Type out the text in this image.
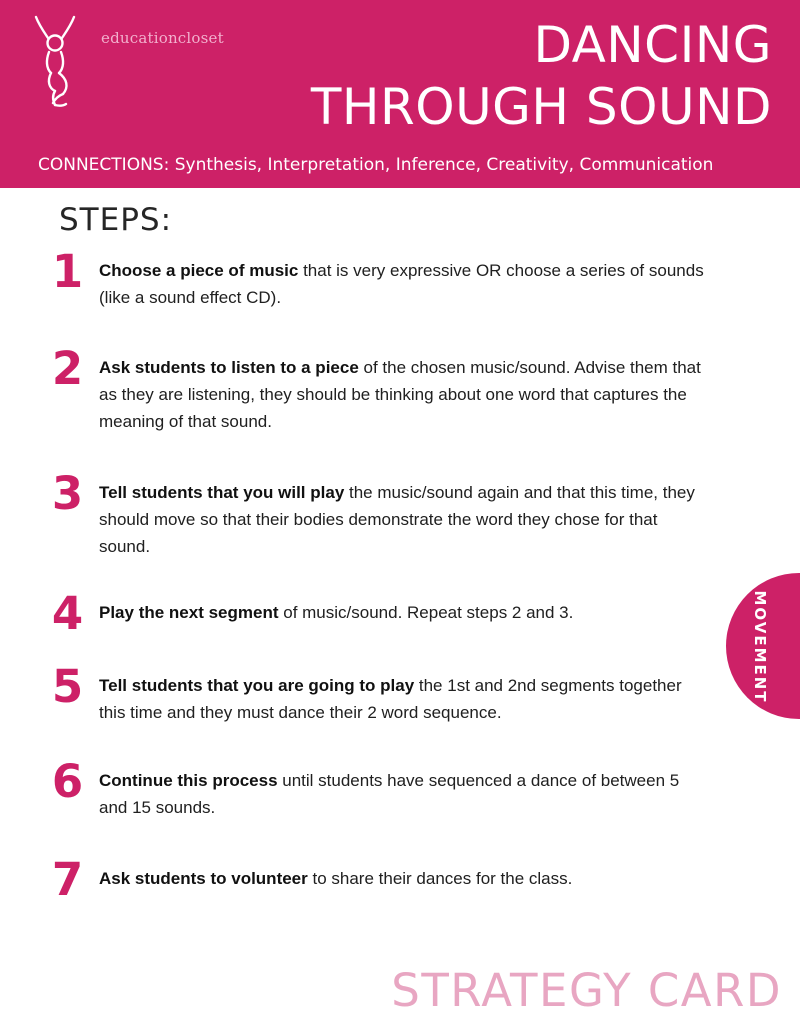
educationcloset	DANCING
THROUGH SOUND
CONNECTIONS: Synthesis, Interpretation, Inference, Creativity, Communication
STEPS:
1 Choose a piece of music that is very expressive OR choose a series of sounds (like a sound effect CD).
2 Ask students to listen to a piece of the chosen music/sound. Advise them that as they are listening, they should be thinking about one word that captures the meaning of that sound.
3 Tell students that you will play the music/sound again and that this time, they should move so that their bodies demonstrate the word they chose for that sound.
4 Play the next segment of music/sound. Repeat steps 2 and 3.
5 Tell students that you are going to play the 1st and 2nd segments together this time and they must dance their 2 word sequence.
6 Continue this process until students have sequenced a dance of between 5 and 15 sounds.
7 Ask students to volunteer to share their dances for the class.
MOVEMENT
STRATEGY CARD
